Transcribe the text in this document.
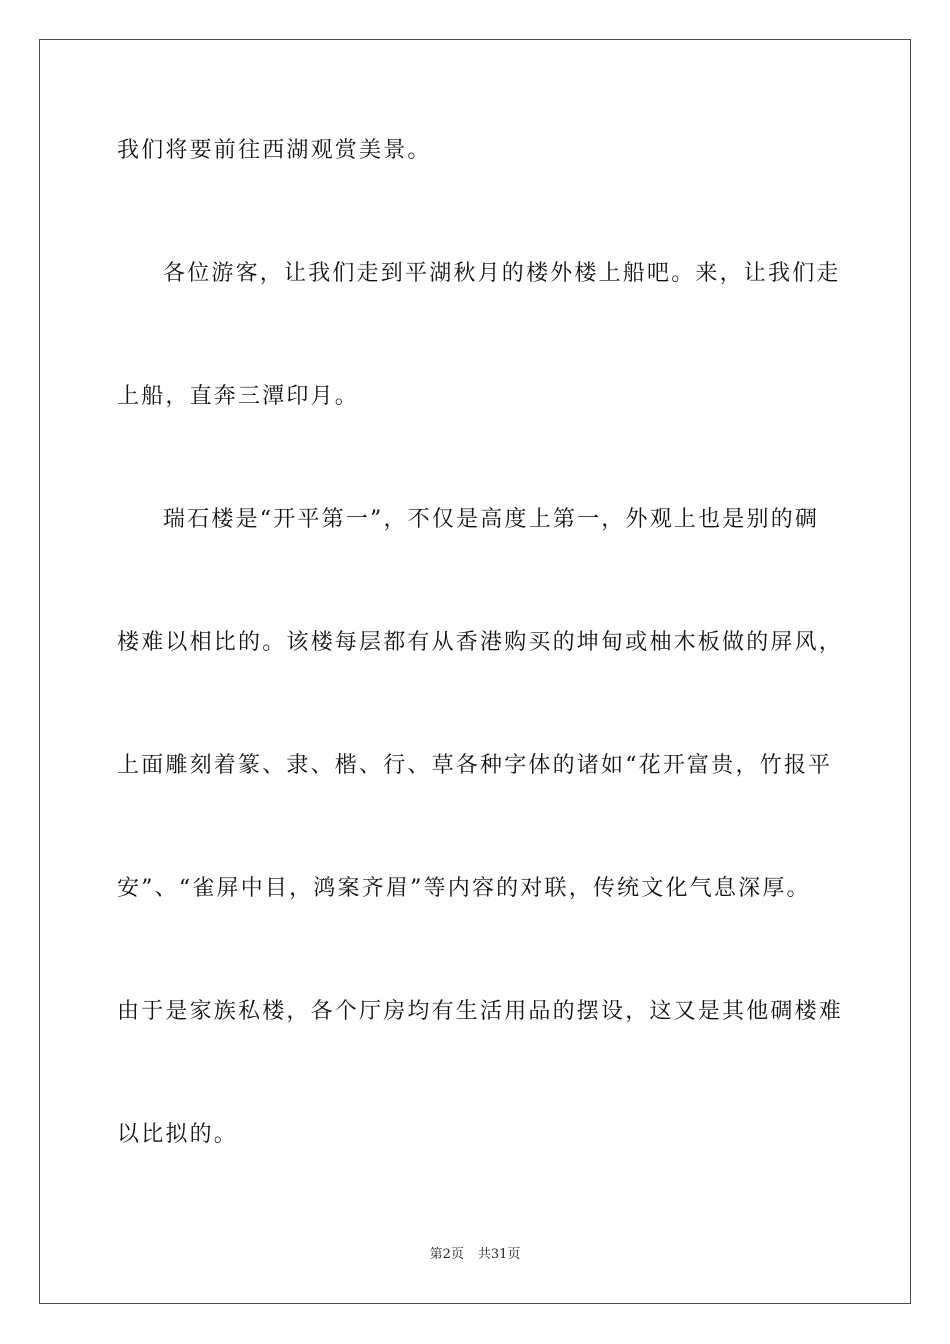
我们将要前往西湖观赏美景。
各位游客，让我们走到平湖秋月的楼外楼上船吧。来，让我们走
上船，直奔三潭印月。
瑞石楼是“开平第一”，不仅是高度上第一，外观上也是别的碉
楼难以相比的。该楼每层都有从香港购买的坤甸或柚木板做的屏风，
上面雕刻着篆、隶、楷、行、草各种字体的诸如“花开富贵，竹报平
安”、“雀屏中目，鸿案齐眉”等内容的对联，传统文化气息深厚。
由于是家族私楼，各个厅房均有生活用品的摆设，这又是其他碉楼难
以比拟的。
第2页 共31页
